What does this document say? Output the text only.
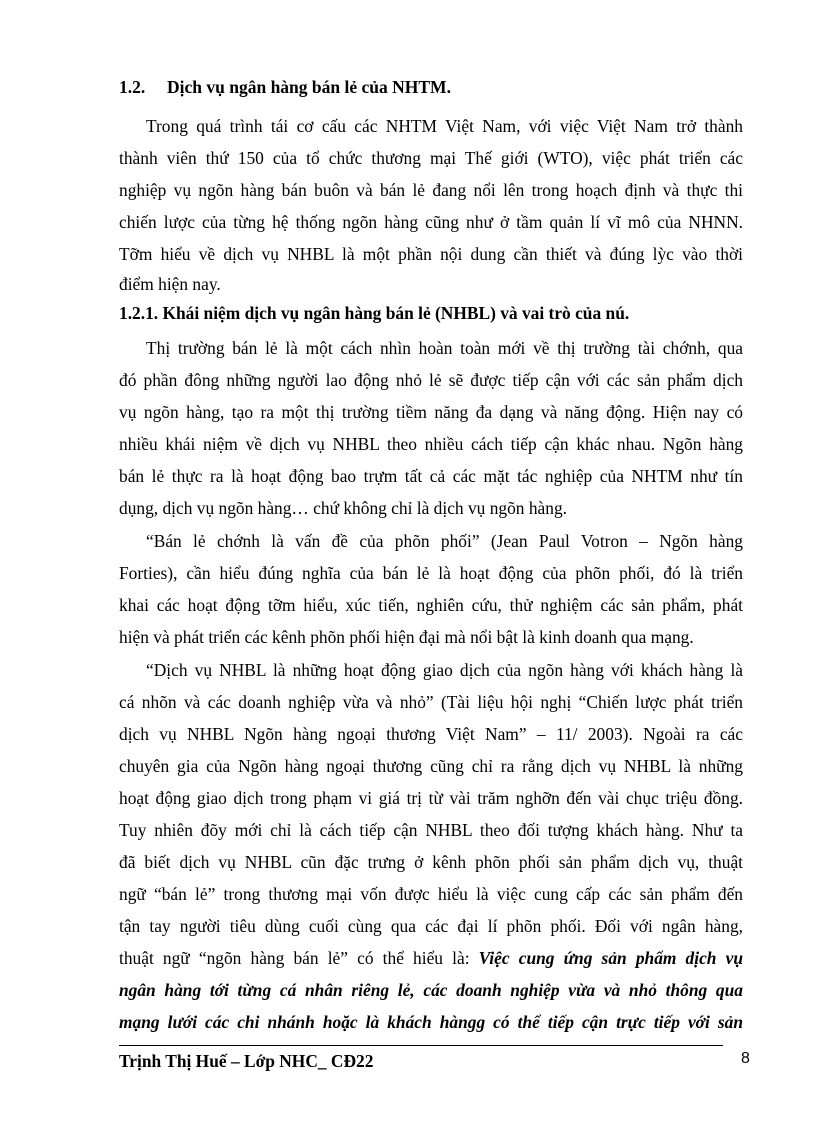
1.2. Dịch vụ ngân hàng bán lẻ của NHTM.
Trong quá trình tái cơ cấu các NHTM Việt Nam, với việc Việt Nam trở thành
thành viên thứ 150 của tổ chức thương mại Thế giới (WTO), việc phát triển các
nghiệp vụ ngõn hàng bán buôn và bán lẻ đang nổi lên trong hoạch định và thực thi
chiến lược của từng hệ thống ngõn hàng cũng như ở tầm quản lí vĩ mô của NHNN.
Tỡm hiểu về dịch vụ NHBL là một phần nội dung cần thiết và đúng lỳc vào thời
điểm hiện nay.
1.2.1. Khái niệm dịch vụ ngân hàng bán lẻ (NHBL) và vai trò của nú.
Thị trường bán lẻ là một cách nhìn hoàn toàn mới về thị trường tài chớnh, qua
đó phần đông những người lao động nhỏ lẻ sẽ được tiếp cận với các sản phẩm dịch
vụ ngõn hàng, tạo ra một thị trường tiềm năng đa dạng và năng động. Hiện nay có
nhiều khái niệm về dịch vụ NHBL theo nhiều cách tiếp cận khác nhau. Ngõn hàng
bán lẻ thực ra là hoạt động bao trựm tất cả các mặt tác nghiệp của NHTM như tín
dụng, dịch vụ ngõn hàng… chứ không chỉ là dịch vụ ngõn hàng.
“Bán lẻ chớnh là vấn đề của phõn phối” (Jean Paul Votron – Ngõn hàng
Forties), cần hiểu đúng nghĩa của bán lẻ là hoạt động của phõn phối, đó là triển
khai các hoạt động tỡm hiểu, xúc tiến, nghiên cứu, thử nghiệm các sản phẩm, phát
hiện và phát triển các kênh phõn phối hiện đại mà nổi bật là kinh doanh qua mạng.
“Dịch vụ NHBL là những hoạt động giao dịch của ngõn hàng với khách hàng là
cá nhõn và các doanh nghiệp vừa và nhỏ” (Tài liệu hội nghị “Chiến lược phát triển
dịch vụ NHBL Ngõn hàng ngoại thương Việt Nam” – 11/ 2003). Ngoài ra các
chuyên gia của Ngõn hàng ngoại thương cũng chỉ ra rằng dịch vụ NHBL là những
hoạt động giao dịch trong phạm vi giá trị từ vài trăm nghỡn đến vài chục triệu đồng.
Tuy nhiên đõy mới chỉ là cách tiếp cận NHBL theo đối tượng khách hàng. Như ta
đã biết dịch vụ NHBL cũn đặc trưng ở kênh phõn phối sản phẩm dịch vụ, thuật
ngữ “bán lẻ” trong thương mại vốn được hiểu là việc cung cấp các sản phẩm đến
tận tay người tiêu dùng cuối cùng qua các đại lí phõn phối. Đối với ngân hàng,
thuật ngữ “ngõn hàng bán lẻ” có thể hiểu là: Việc cung ứng sản phẩm dịch vụ
ngân hàng tới từng cá nhân riêng lẻ, các doanh nghiệp vừa và nhỏ thông qua
mạng lưới các chi nhánh hoặc là khách hàngg có thể tiếp cận trực tiếp với sản
Trịnh Thị Huế – Lớp NHC_ CĐ22	8
